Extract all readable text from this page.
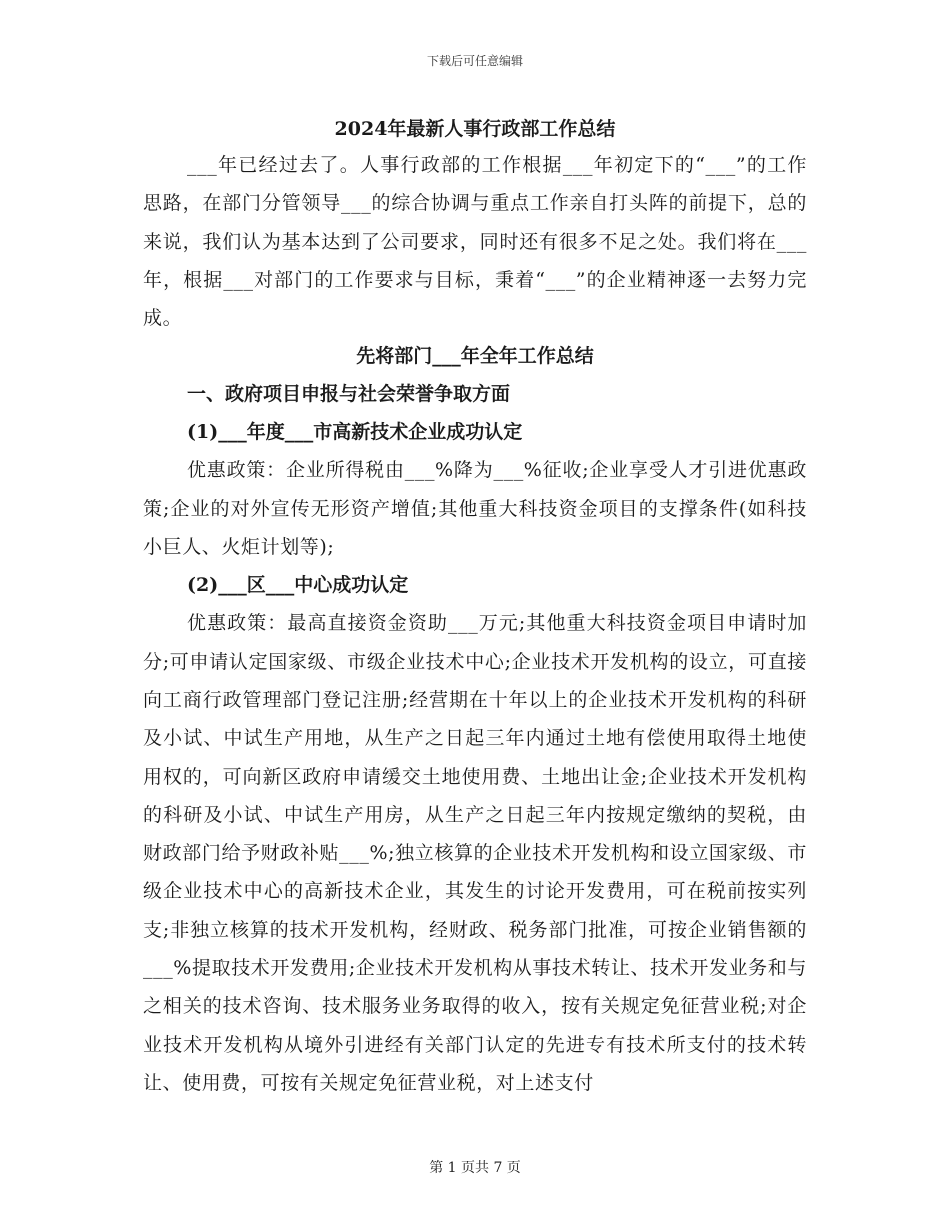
下载后可任意编辑
2024年最新人事行政部工作总结

___年已经过去了。人事行政部的工作根据___年初定下的“___”的工作思路，在部门分管领导___的综合协调与重点工作亲自打头阵的前提下，总的来说，我们认为基本达到了公司要求，同时还有很多不足之处。我们将在___年，根据___对部门的工作要求与目标，秉着“___”的企业精神逐一去努力完成。

先将部门___年全年工作总结
一、政府项目申报与社会荣誉争取方面
(1)___年度___市高新技术企业成功认定

优惠政策：企业所得税由___%降为___%征收;企业享受人才引进优惠政策;企业的对外宣传无形资产增值;其他重大科技资金项目的支撑条件(如科技小巨人、火炬计划等);

(2)___区___中心成功认定

优惠政策：最高直接资金资助___万元;其他重大科技资金项目申请时加分;可申请认定国家级、市级企业技术中心;企业技术开发机构的设立，可直接向工商行政管理部门登记注册;经营期在十年以上的企业技术开发机构的科研及小试、中试生产用地，从生产之日起三年内通过土地有偿使用取得土地使用权的，可向新区政府申请缓交土地使用费、土地出让金;企业技术开发机构的科研及小试、中试生产用房，从生产之日起三年内按规定缴纳的契税，由财政部门给予财政补贴___%;独立核算的企业技术开发机构和设立国家级、市级企业技术中心的高新技术企业，其发生的讨论开发费用，可在税前按实列支;非独立核算的技术开发机构，经财政、税务部门批准，可按企业销售额的___%提取技术开发费用;企业技术开发机构从事技术转让、技术开发业务和与之相关的技术咨询、技术服务业务取得的收入，按有关规定免征营业税;对企业技术开发机构从境外引进经有关部门认定的先进专有技术所支付的技术转让、使用费，可按有关规定免征营业税，对上述支付

第 1 页共 7 页
